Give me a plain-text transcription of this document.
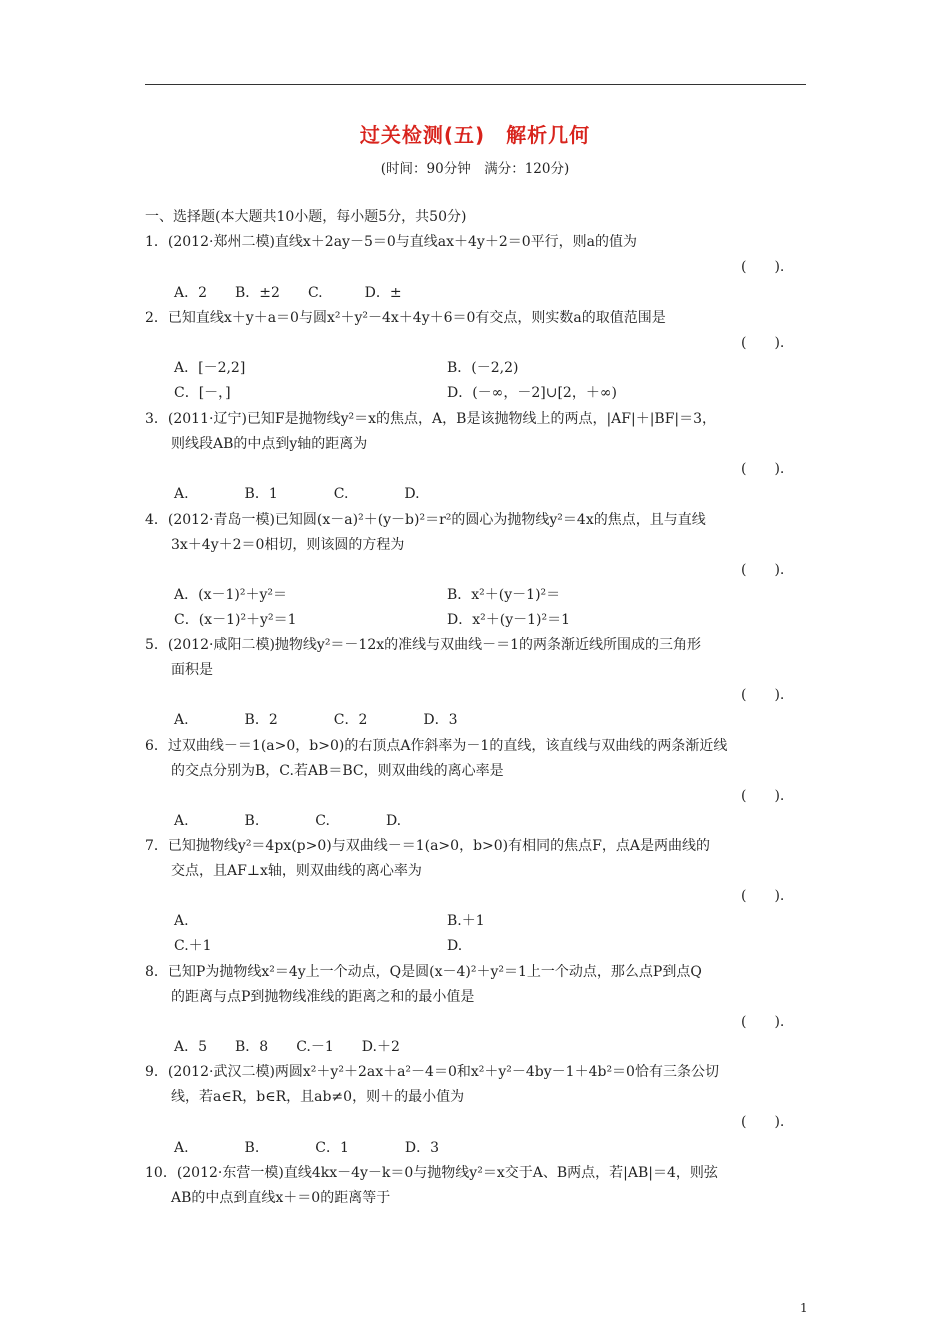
过关检测(五)　解析几何
(时间：90分钟　满分：120分)
一、选择题(本大题共10小题，每小题5分，共50分)
1．(2012·郑州二模)直线x＋2ay－5＝0与直线ax＋4y＋2＝0平行，则a的值为
(　　).
A．2　　B．±2　　C.　　　D．±
2．已知直线x＋y＋a＝0与圆x²＋y²－4x＋4y＋6＝0有交点，则实数a的取值范围是
(　　).
A．[－2,2]	B．(－2,2)
C．[－，]	D．(－∞，－2]∪[2，＋∞)
3．(2011·辽宁)已知F是抛物线y²＝x的焦点，A，B是该抛物线上的两点，|AF|＋|BF|＝3，
则线段AB的中点到y轴的距离为
(　　).
A.　　　　B．1　　　　C.　　　　D.
4．(2012·青岛一模)已知圆(x－a)²＋(y－b)²＝r²的圆心为抛物线y²＝4x的焦点，且与直线
3x＋4y＋2＝0相切，则该圆的方程为
(　　).
A．(x－1)²＋y²＝	B．x²＋(y－1)²＝
C．(x－1)²＋y²＝1	D．x²＋(y－1)²＝1
5．(2012·咸阳二模)抛物线y²＝－12x的准线与双曲线－＝1的两条渐近线所围成的三角形
面积是
(　　).
A.　　　　B．2　　　　C．2　　　　D．3
6．过双曲线－＝1(a>0，b>0)的右顶点A作斜率为－1的直线，该直线与双曲线的两条渐近线
的交点分别为B，C.若AB＝BC，则双曲线的离心率是
(　　).
A.　　　　B.　　　　C.　　　　D.
7．已知抛物线y²＝4px(p>0)与双曲线－＝1(a>0，b>0)有相同的焦点F，点A是两曲线的
交点，且AF⊥x轴，则双曲线的离心率为
(　　).
A.	B.＋1
C.＋1	D.
8．已知P为抛物线x²＝4y上一个动点，Q是圆(x－4)²＋y²＝1上一个动点，那么点P到点Q
的距离与点P到抛物线准线的距离之和的最小值是
(　　).
A．5　　B．8　　C.－1　　D.＋2
9．(2012·武汉二模)两圆x²＋y²＋2ax＋a²－4＝0和x²＋y²－4by－1＋4b²＝0恰有三条公切
线，若a∈R，b∈R，且ab≠0，则＋的最小值为
(　　).
A.　　　　B.　　　　C．1　　　　D．3
10．(2012·东营一模)直线4kx－4y－k＝0与抛物线y²＝x交于A、B两点，若|AB|＝4，则弦
AB的中点到直线x＋＝0的距离等于
1
